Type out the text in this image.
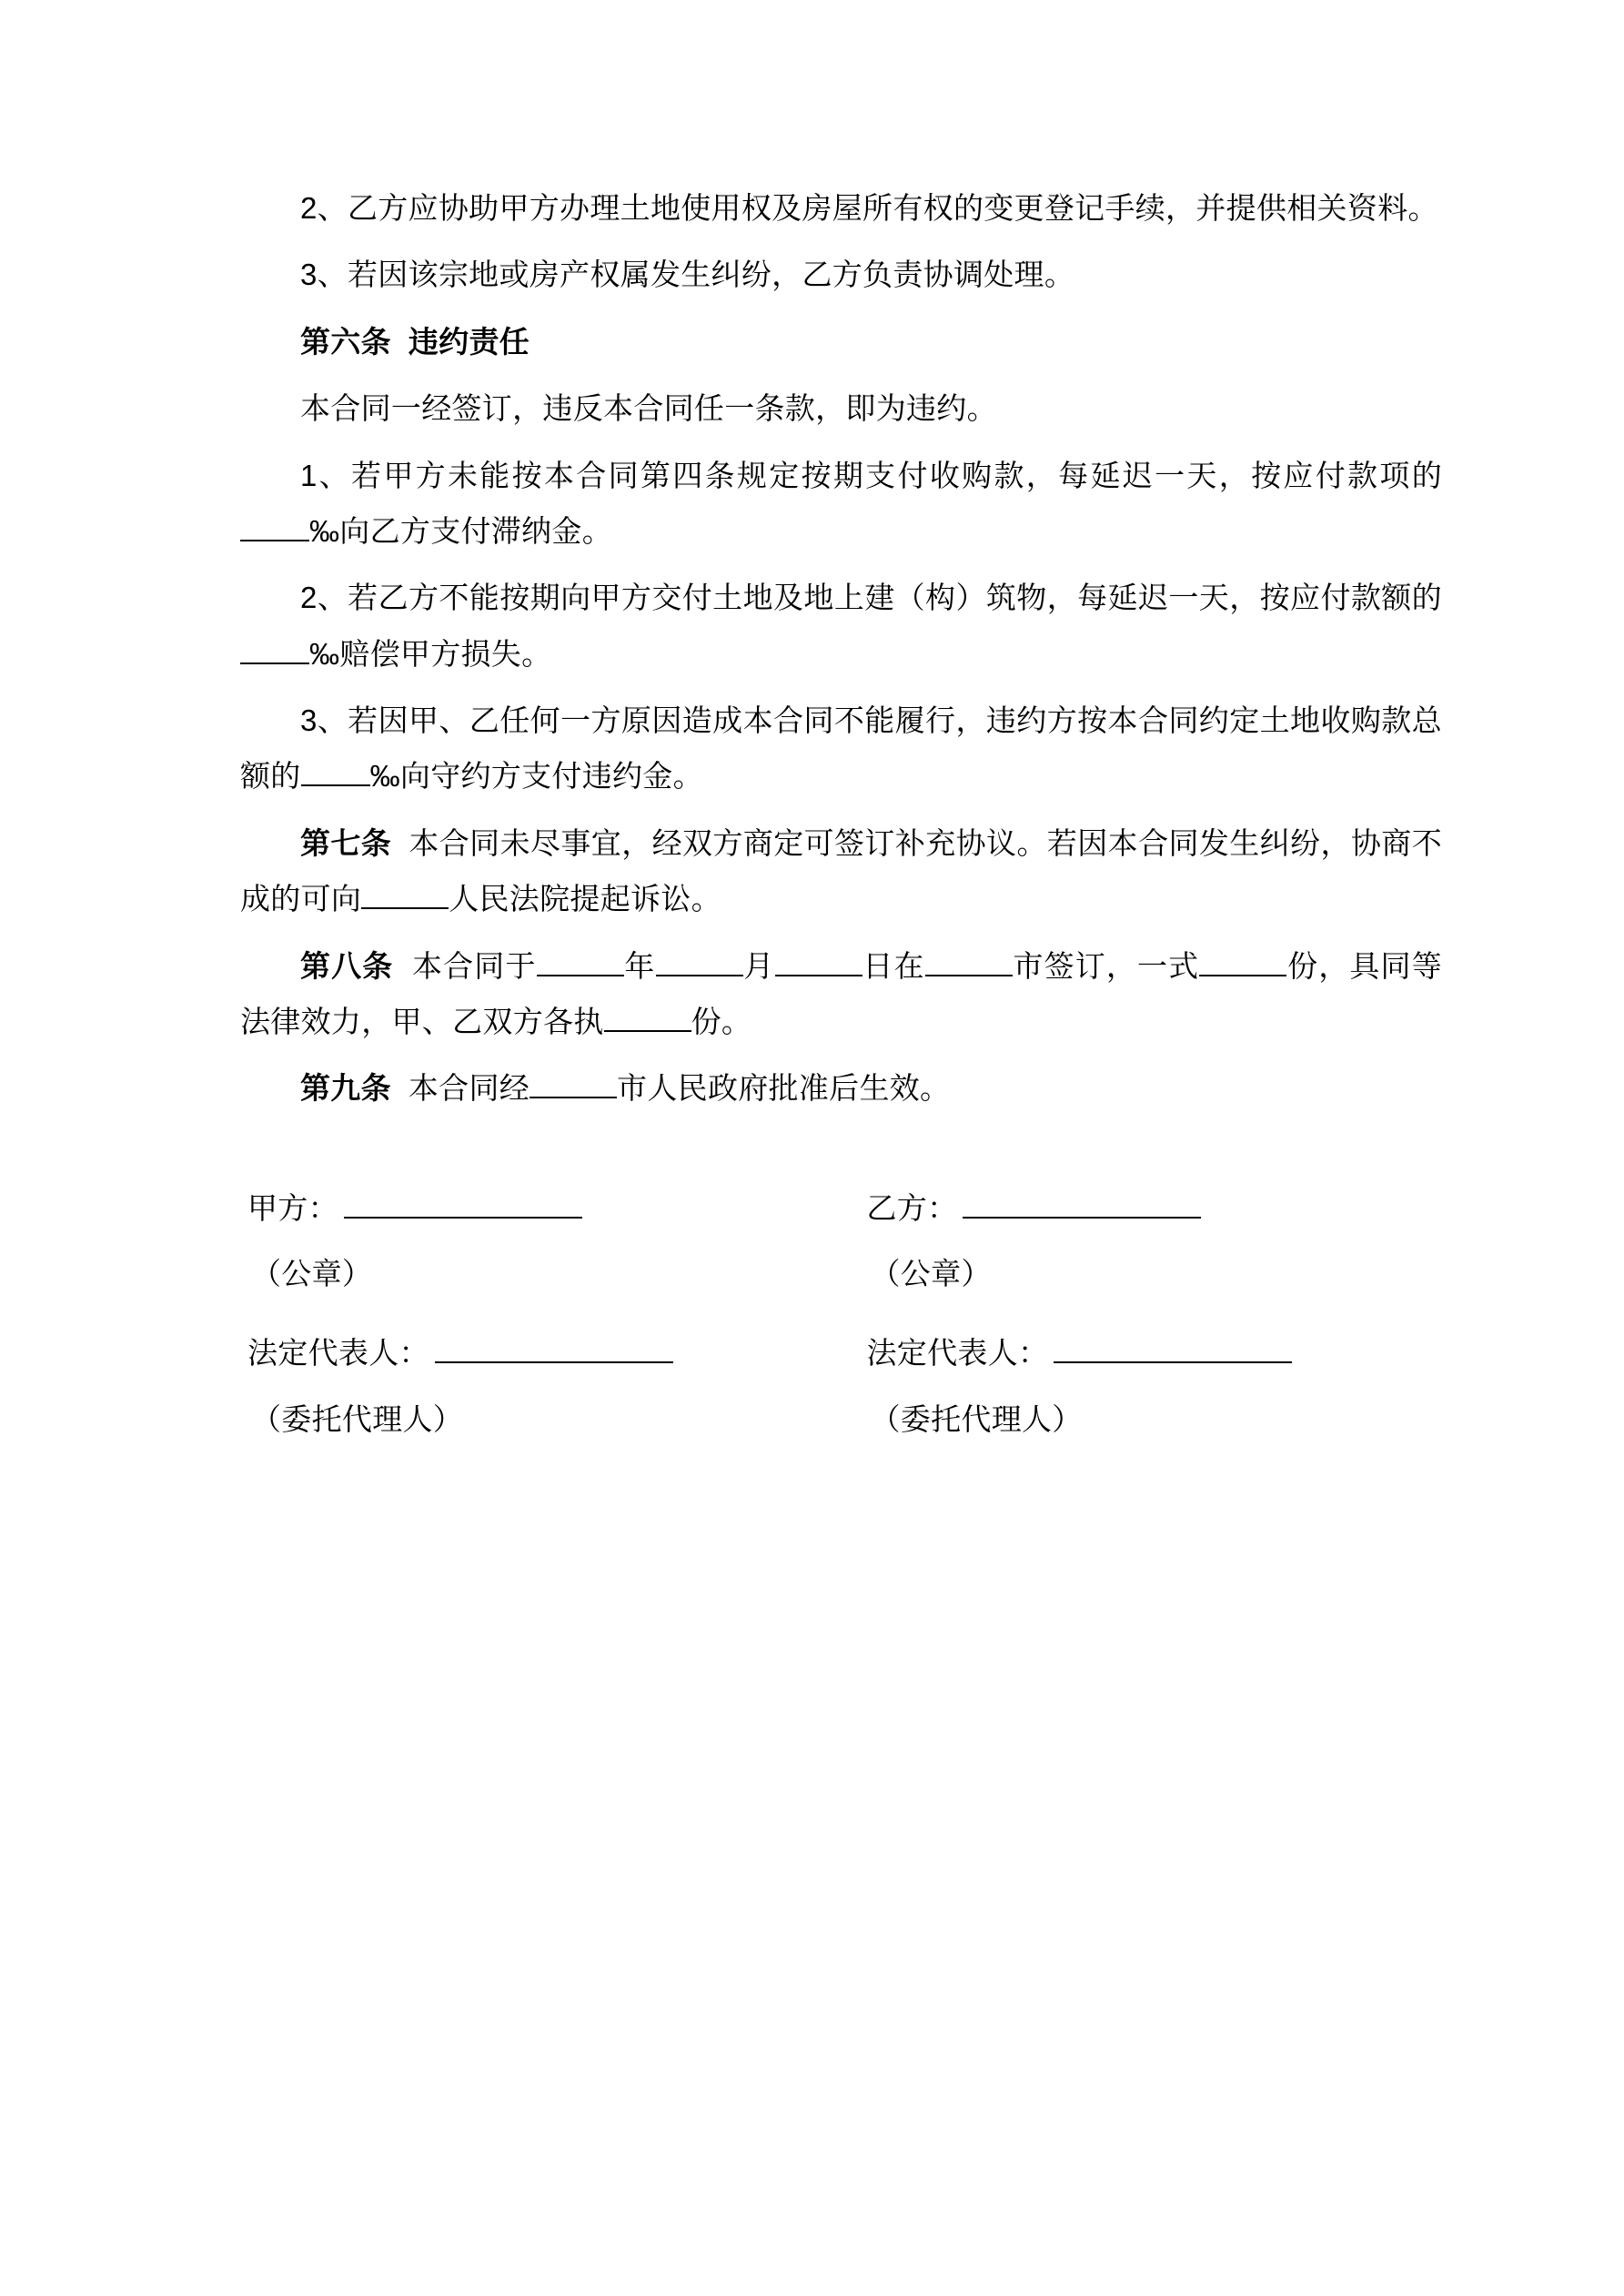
2、乙方应协助甲方办理土地使用权及房屋所有权的变更登记手续，并提供相关资料。

3、若因该宗地或房产权属发生纠纷，乙方负责协调处理。

第六条 违约责任

本合同一经签订，违反本合同任一条款，即为违约。

1、若甲方未能按本合同第四条规定按期支付收购款，每延迟一天，按应付款项的‰向乙方支付滞纳金。

2、若乙方不能按期向甲方交付土地及地上建（构）筑物，每延迟一天，按应付款额的‰赔偿甲方损失。

3、若因甲、乙任何一方原因造成本合同不能履行，违约方按本合同约定土地收购款总额的 ‰向守约方支付违约金。

第七条 本合同未尽事宜，经双方商定可签订补充协议。若因本合同发生纠纷，协商不成的可向	人民法院提起诉讼。

第八条 本合同于	年	月	日在	市签订，一式	份，具同等法律效力，甲、乙双方各执	份。

第九条 本合同经	市人民政府批准后生效。

甲方：	乙方：
（公章）	（公章）
法定代表人：	法定代表人：
（委托代理人）	（委托代理人）
